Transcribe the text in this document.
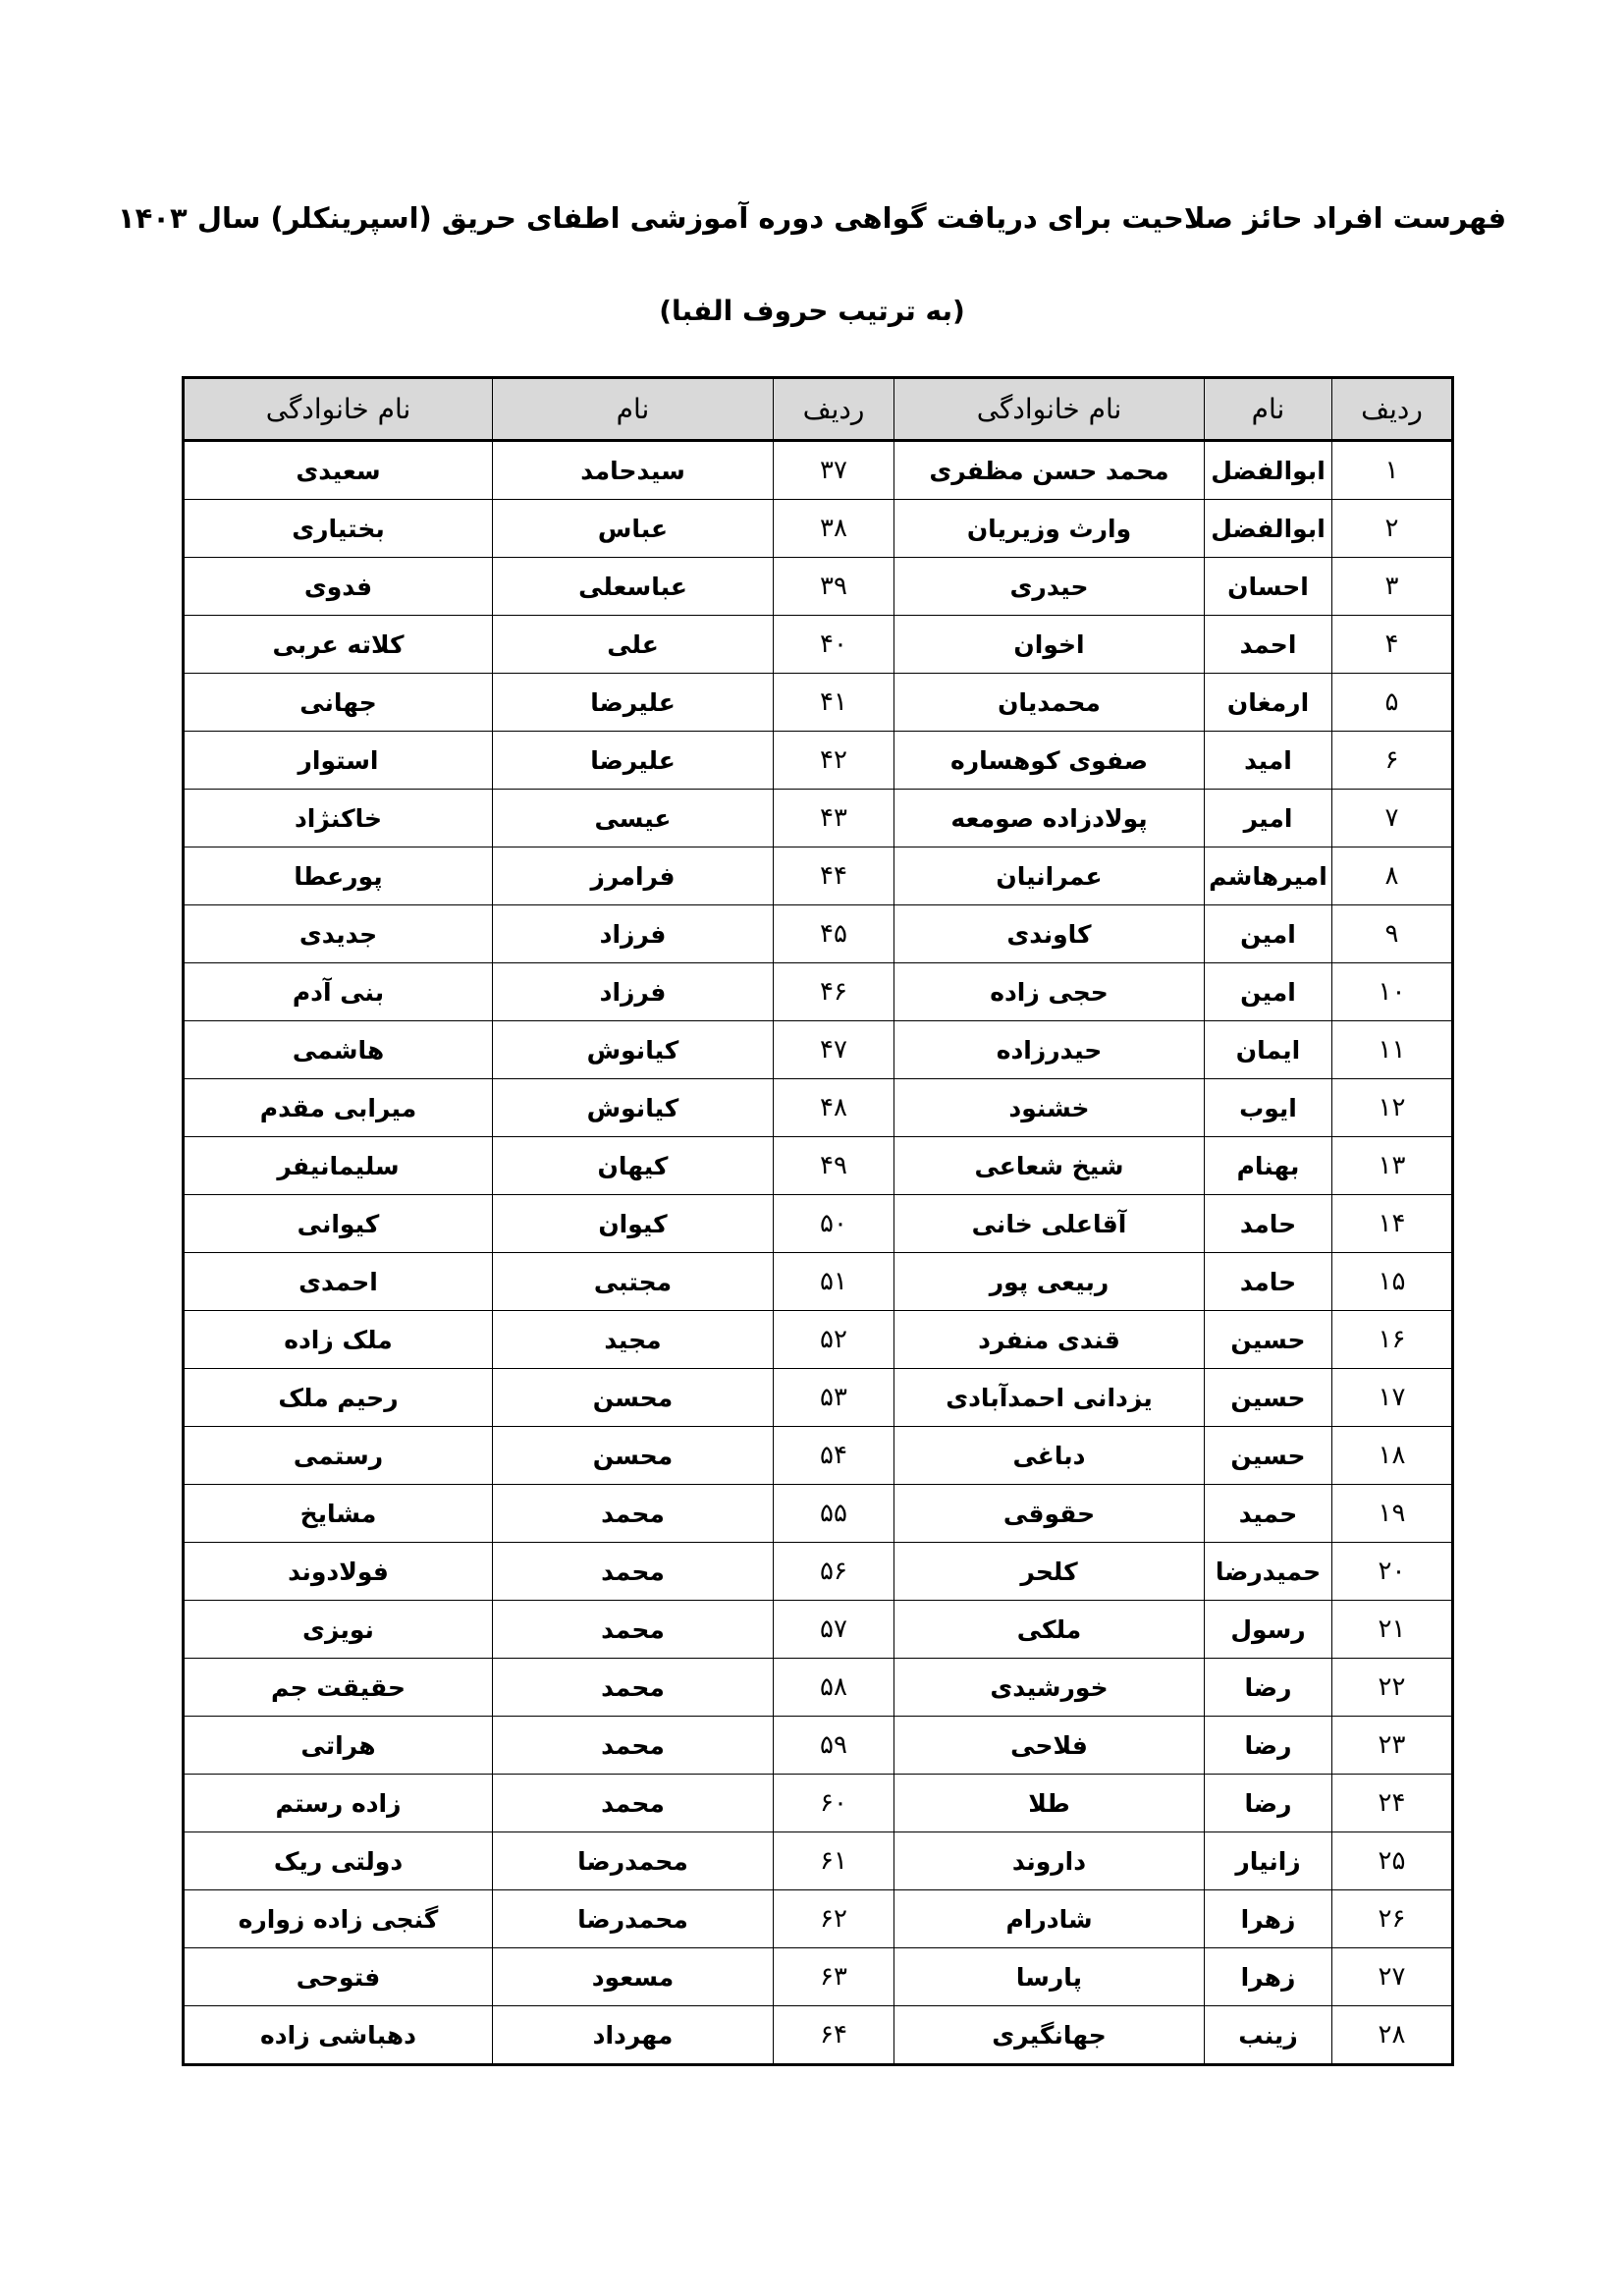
فهرست افراد حائز صلاحیت برای دریافت گواهی دوره آموزشی اطفای حریق (اسپرینکلر) سال ۱۴۰۳
(به ترتیب حروف الفبا)
ردیف	نام	نام خانوادگی	ردیف	نام	نام خانوادگی
۱	ابوالفضل	محمد حسن مظفری	۳۷	سیدحامد	سعیدی
۲	ابوالفضل	وارث وزیریان	۳۸	عباس	بختیاری
۳	احسان	حیدری	۳۹	عباسعلی	فدوی
۴	احمد	اخوان	۴۰	علی	کلاته عربی
۵	ارمغان	محمدیان	۴۱	علیرضا	جهانی
۶	امید	صفوی کوهساره	۴۲	علیرضا	استوار
۷	امیر	پولادزاده صومعه	۴۳	عیسی	خاکنژاد
۸	امیرهاشم	عمرانیان	۴۴	فرامرز	پورعطا
۹	امین	کاوندی	۴۵	فرزاد	جدیدی
۱۰	امین	حجی زاده	۴۶	فرزاد	بنی آدم
۱۱	ایمان	حیدرزاده	۴۷	کیانوش	هاشمی
۱۲	ایوب	خشنود	۴۸	کیانوش	میرابی مقدم
۱۳	بهنام	شیخ شعاعی	۴۹	کیهان	سلیمانیفر
۱۴	حامد	آقاعلی خانی	۵۰	کیوان	کیوانی
۱۵	حامد	ربیعی پور	۵۱	مجتبی	احمدی
۱۶	حسین	قندی منفرد	۵۲	مجید	ملک زاده
۱۷	حسین	یزدانی احمدآبادی	۵۳	محسن	رحیم ملک
۱۸	حسین	دباغی	۵۴	محسن	رستمی
۱۹	حمید	حقوقی	۵۵	محمد	مشایخ
۲۰	حمیدرضا	کلحر	۵۶	محمد	فولادوند
۲۱	رسول	ملکی	۵۷	محمد	نویزی
۲۲	رضا	خورشیدی	۵۸	محمد	حقیقت جم
۲۳	رضا	فلاحی	۵۹	محمد	هراتی
۲۴	رضا	طلا	۶۰	محمد	زاده رستم
۲۵	زانیار	داروند	۶۱	محمدرضا	دولتی ریک
۲۶	زهرا	شادرام	۶۲	محمدرضا	گنجی زاده زواره
۲۷	زهرا	پارسا	۶۳	مسعود	فتوحی
۲۸	زینب	جهانگیری	۶۴	مهرداد	دهباشی زاده
